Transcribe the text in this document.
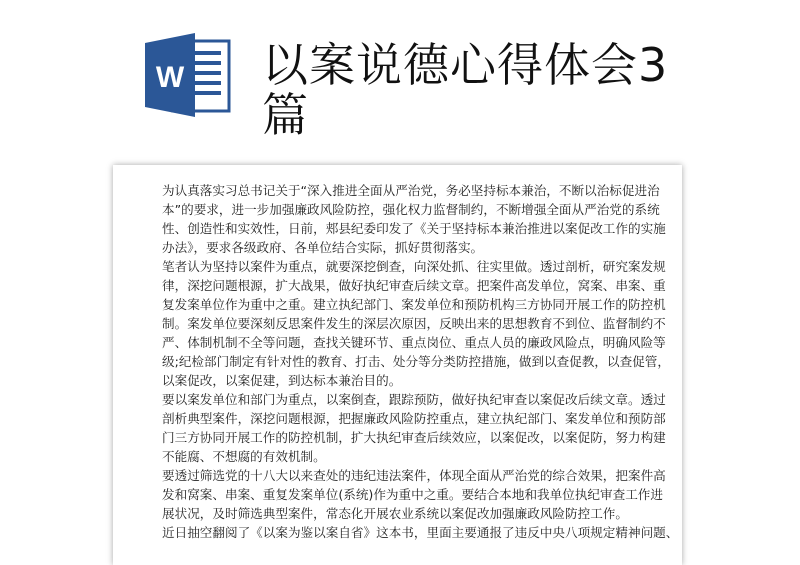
W 以案说德心得体会3篇
为认真落实习总书记关于“深入推进全面从严治党，务必坚持标本兼治，不断以治标促进治
本”的要求，进一步加强廉政风险防控，强化权力监督制约，不断增强全面从严治党的系统
性、创造性和实效性，日前，郏县纪委印发了《关于坚持标本兼治推进以案促改工作的实施
办法》，要求各级政府、各单位结合实际，抓好贯彻落实。
笔者认为坚持以案件为重点，就要深挖倒查，向深处抓、往实里做。透过剖析，研究案发规
律，深挖问题根源，扩大战果，做好执纪审查后续文章。把案件高发单位，窝案、串案、重
复发案单位作为重中之重。建立执纪部门、案发单位和预防机构三方协同开展工作的防控机
制。案发单位要深刻反思案件发生的深层次原因，反映出来的思想教育不到位、监督制约不
严、体制机制不全等问题，查找关键环节、重点岗位、重点人员的廉政风险点，明确风险等
级;纪检部门制定有针对性的教育、打击、处分等分类防控措施，做到以查促教，以查促管，
以案促改，以案促建，到达标本兼治目的。
要以案发单位和部门为重点，以案倒查，跟踪预防，做好执纪审查以案促改后续文章。透过
剖析典型案件，深挖问题根源，把握廉政风险防控重点，建立执纪部门、案发单位和预防部
门三方协同开展工作的防控机制，扩大执纪审查后续效应，以案促改，以案促防，努力构建
不能腐、不想腐的有效机制。
要透过筛选党的十八大以来查处的违纪违法案件，体现全面从严治党的综合效果，把案件高
发和窝案、串案、重复发案单位(系统)作为重中之重。要结合本地和我单位执纪审查工作进
展状况，及时筛选典型案件，常态化开展农业系统以案促改加强廉政风险防控工作。
近日抽空翻阅了《以案为鉴以案自省》这本书，里面主要通报了违反中央八项规定精神问题、
